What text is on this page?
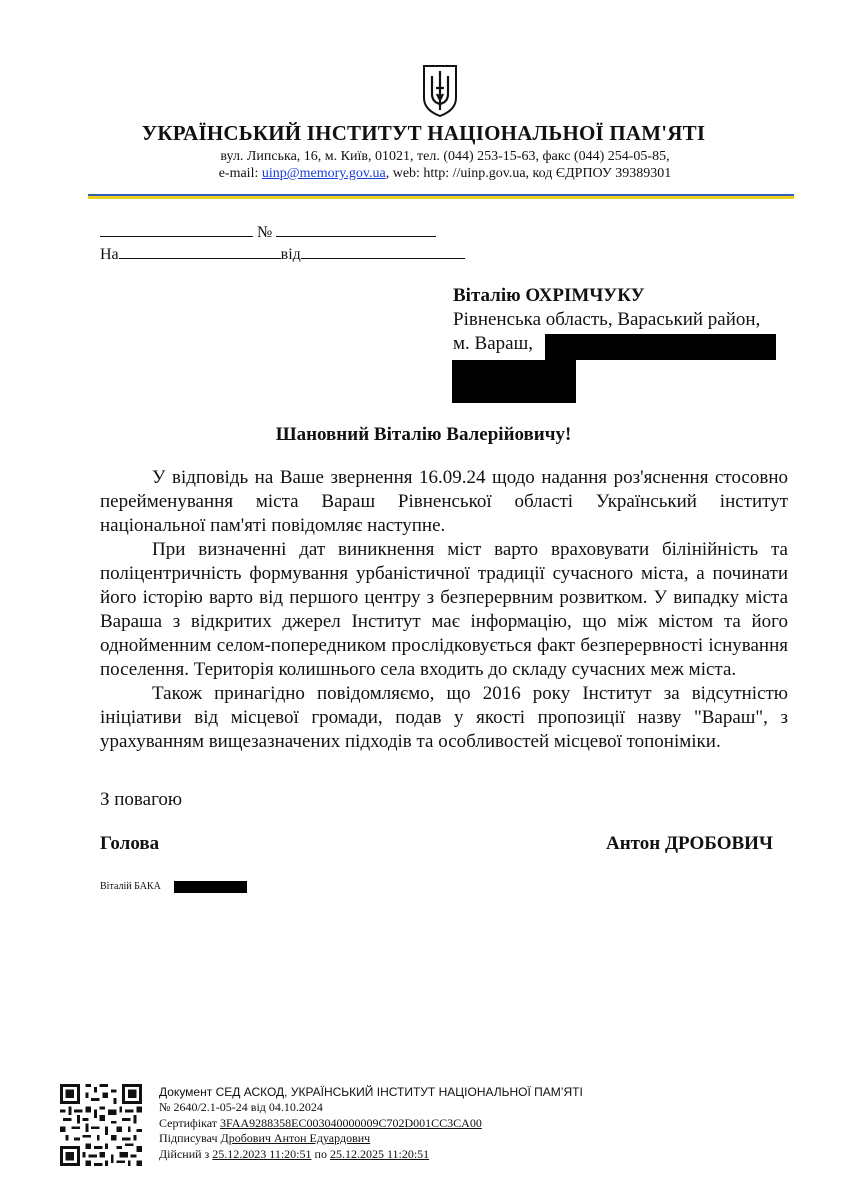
УКРАЇНСЬКИЙ ІНСТИТУТ НАЦІОНАЛЬНОЇ ПАМ'ЯТІ
вул. Липська, 16, м. Київ, 01021, тел. (044) 253-15-63, факс (044) 254-05-85,
e-mail: uinp@memory.gov.ua, web: http: //uinp.gov.ua, код ЄДРПОУ 39389301
№
На	від
Віталію ОХРІМЧУКУ
Рівненська область, Вараський район,
м. Вараш,
Шановний Віталію Валерійовичу!

У відповідь на Ваше звернення 16.09.24 щодо надання роз'яснення стосовно перейменування міста Вараш Рівненської області Український інститут національної пам'яті повідомляє наступне.

При визначенні дат виникнення міст варто враховувати білінійність та поліцентричність формування урбаністичної традиції сучасного міста, а починати його історію варто від першого центру з безперервним розвитком. У випадку міста Вараша з відкритих джерел Інститут має інформацію, що між містом та його однойменним селом-попередником прослідковується факт безперервності існування поселення. Територія колишнього села входить до складу сучасних меж міста.

Також принагідно повідомляємо, що 2016 року Інститут за відсутністю ініціативи від місцевої громади, подав у якості пропозиції назву "Вараш", з урахуванням вищезазначених підходів та особливостей місцевої топоніміки.

З повагою
Голова	Антон ДРОБОВИЧ
Віталій БАКА
Документ СЕД АСКОД, УКРАЇНСЬКИЙ ІНСТИТУТ НАЦІОНАЛЬНОЇ ПАМ’ЯТІ
№ 2640/2.1-05-24 від 04.10.2024
Сертифікат 3FAA9288358EC003040000009C702D001CC3CA00
Підписувач Дробович Антон Едуардович
Дійсний з 25.12.2023 11:20:51 по 25.12.2025 11:20:51
